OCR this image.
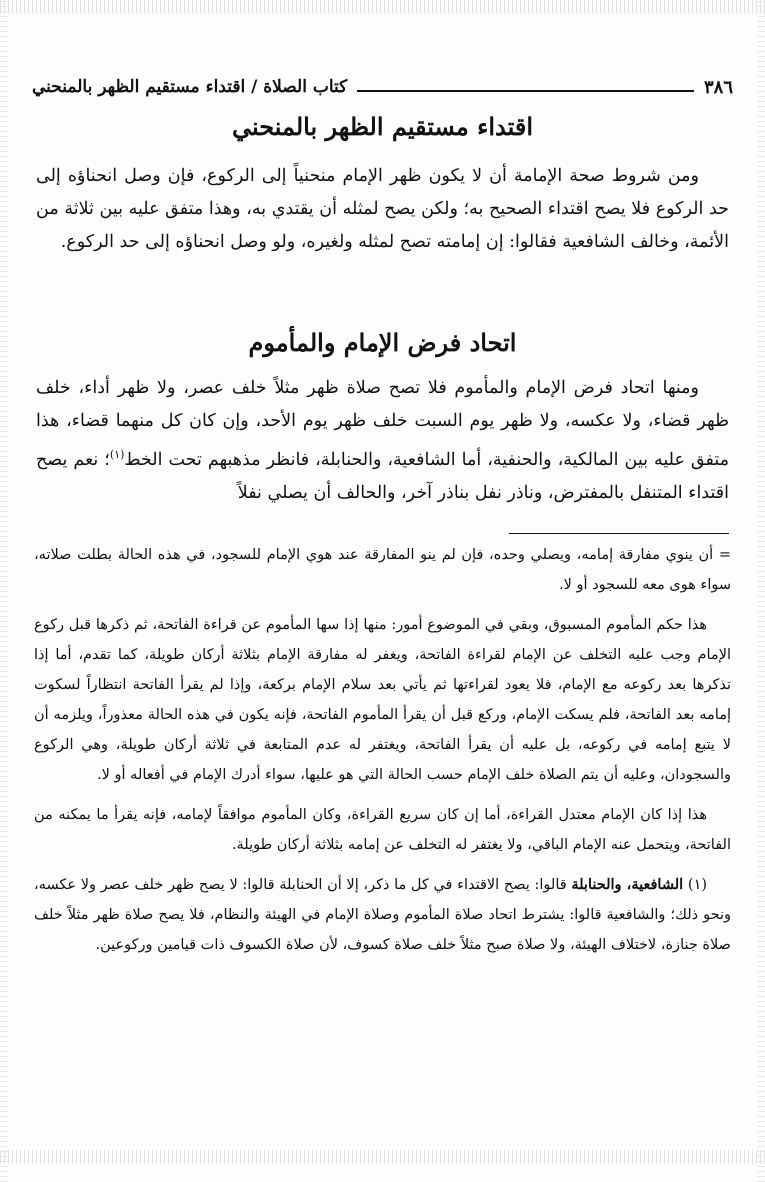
٣٨٦
كتاب الصلاة / اقتداء مستقيم الظهر بالمنحني
اقتداء مستقيم الظهر بالمنحني

ومن شروط صحة الإمامة أن لا يكون ظهر الإمام منحنياً إلى الركوع، فإن وصل انحناؤه إلى حد الركوع فلا يصح اقتداء الصحيح به؛ ولكن يصح لمثله أن يقتدي به، وهذا متفق عليه بين ثلاثة من الأئمة، وخالف الشافعية فقالوا: إن إمامته تصح لمثله ولغيره، ولو وصل انحناؤه إلى حد الركوع.

اتحاد فرض الإمام والمأموم

ومنها اتحاد فرض الإمام والمأموم فلا تصح صلاة ظهر مثلاً خلف عصر، ولا ظهر أداء، خلف ظهر قضاء، ولا عكسه، ولا ظهر يوم السبت خلف ظهر يوم الأحد، وإن كان كل منهما قضاء، هذا متفق عليه بين المالكية، والحنفية، أما الشافعية، والحنابلة، فانظر مذهبهم تحت الخط$^{(١)}$؛ نعم يصح اقتداء المتنفل بالمفترض، وناذر نفل بناذر آخر، والحالف أن يصلي نفلاً

= أن ينوي مفارقة إمامه، ويصلي وحده، فإن لم ينو المفارقة عند هوي الإمام للسجود، في هذه الحالة بطلت صلاته، سواء هوى معه للسجود أو لا.

هذا حكم المأموم المسبوق، وبقي في الموضوع أمور: منها إذا سها المأموم عن قراءة الفاتحة، ثم ذكرها قبل ركوع الإمام وجب عليه التخلف عن الإمام لقراءة الفاتحة، ويغفر له مفارقة الإمام بثلاثة أركان طويلة، كما تقدم، أما إذا تذكرها بعد ركوعه مع الإمام، فلا يعود لقراءتها ثم يأتي بعد سلام الإمام بركعة، وإذا لم يقرأ الفاتحة انتظاراً لسكوت إمامه بعد الفاتحة، فلم يسكت الإمام، وركع قبل أن يقرأ المأموم الفاتحة، فإنه يكون في هذه الحالة معذوراً، ويلزمه أن لا يتبع إمامه في ركوعه، بل عليه أن يقرأ الفاتحة، ويغتفر له عدم المتابعة في ثلاثة أركان طويلة، وهي الركوع والسجودان، وعليه أن يتم الصلاة خلف الإمام حسب الحالة التي هو عليها، سواء أدرك الإمام في أفعاله أو لا.

هذا إذا كان الإمام معتدل القراءة، أما إن كان سريع القراءة، وكان المأموم موافقاً لإمامه، فإنه يقرأ ما يمكنه من الفاتحة، ويتحمل عنه الإمام الباقي، ولا يغتفر له التخلف عن إمامه بثلاثة أركان طويلة.

(١) الشافعية، والحنابلة قالوا: يصح الاقتداء في كل ما ذكر، إلا أن الحنابلة قالوا: لا يصح ظهر خلف عصر ولا عكسه، ونحو ذلك؛ والشافعية قالوا: يشترط اتحاد صلاة المأموم وصلاة الإمام في الهيئة والنظام، فلا يصح صلاة ظهر مثلاً خلف صلاة جنازة، لاختلاف الهيئة، ولا صلاة صبح مثلاً خلف صلاة كسوف، لأن صلاة الكسوف ذات قيامين وركوعين.
